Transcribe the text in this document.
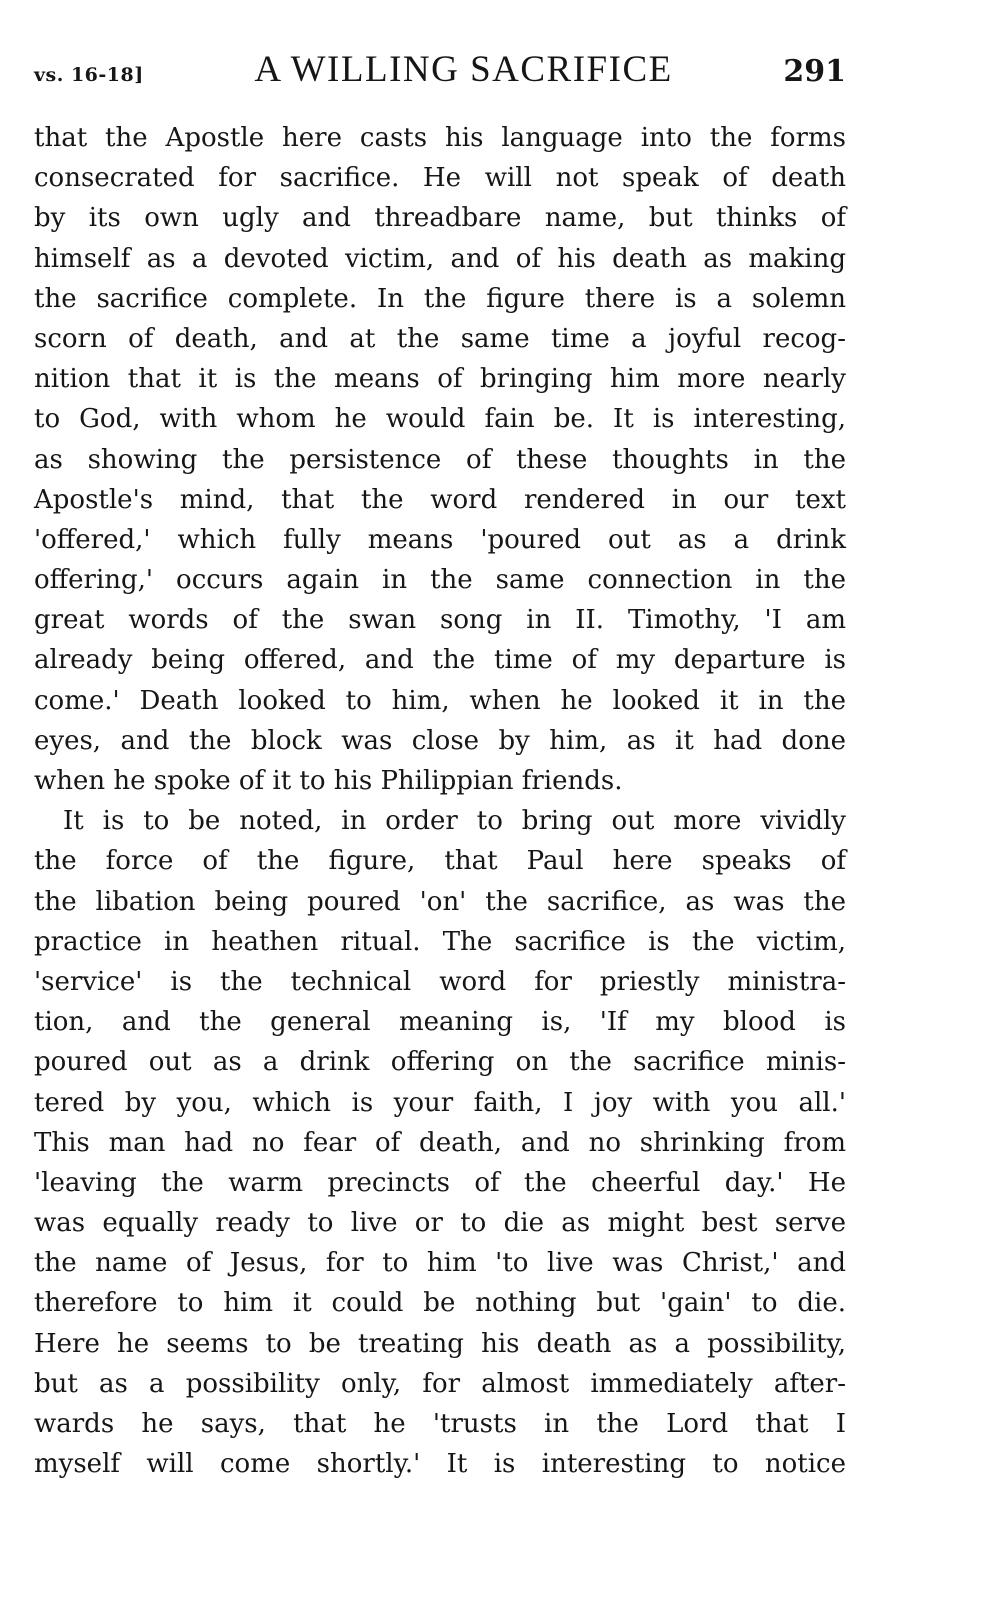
vs. 16-18]	A WILLING SACRIFICE	291

that the Apostle here casts his language into the forms
consecrated for sacrifice. He will not speak of death
by its own ugly and threadbare name, but thinks of
himself as a devoted victim, and of his death as making
the sacrifice complete. In the figure there is a solemn
scorn of death, and at the same time a joyful recog-
nition that it is the means of bringing him more nearly
to God, with whom he would fain be. It is interesting,
as showing the persistence of these thoughts in the
Apostle's mind, that the word rendered in our text
'offered,' which fully means 'poured out as a drink
offering,' occurs again in the same connection in the
great words of the swan song in II. Timothy, 'I am
already being offered, and the time of my departure is
come.' Death looked to him, when he looked it in the
eyes, and the block was close by him, as it had done
when he spoke of it to his Philippian friends.

It is to be noted, in order to bring out more vividly
the force of the figure, that Paul here speaks of
the libation being poured 'on' the sacrifice, as was the
practice in heathen ritual. The sacrifice is the victim,
'service' is the technical word for priestly ministra-
tion, and the general meaning is, 'If my blood is
poured out as a drink offering on the sacrifice minis-
tered by you, which is your faith, I joy with you all.'
This man had no fear of death, and no shrinking from
'leaving the warm precincts of the cheerful day.' He
was equally ready to live or to die as might best serve
the name of Jesus, for to him 'to live was Christ,' and
therefore to him it could be nothing but 'gain' to die.
Here he seems to be treating his death as a possibility,
but as a possibility only, for almost immediately after-
wards he says, that he 'trusts in the Lord that I
myself will come shortly.' It is interesting to notice
